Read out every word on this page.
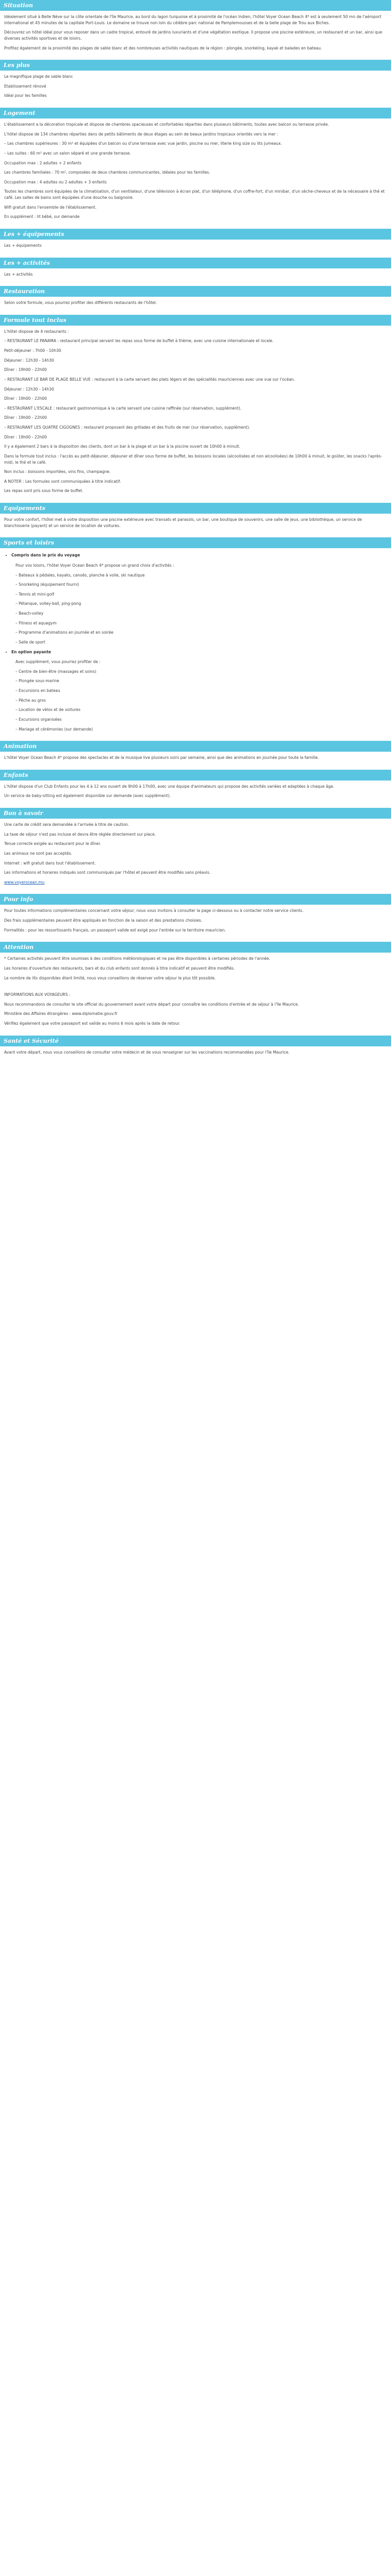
Situation

Idéalement situé à Belle Nève sur la côte orientale de l'île Maurice, au bord du lagon turquoise et à proximité de l'océan Indien, l'hôtel Voyer Ocean Beach 4* est à seulement 50 mn de l'aéroport international et 45 minutes de la capitale Port-Louis. Le domaine se trouve non loin du célèbre parc national de Pamplemousses et de la belle plage de Trou aux Biches.

Découvrez un hôtel idéal pour vous reposer dans un cadre tropical, entouré de jardins luxuriants et d'une végétation exotique. Il propose une piscine extérieure, un restaurant et un bar, ainsi que diverses activités sportives et de loisirs.

Profitez également de la proximité des plages de sable blanc et des nombreuses activités nautiques de la région : plongée, snorkeling, kayak et balades en bateau.

Les plus

Le magnifique plage de sable blanc

Etablissement rénové

Idéal pour les familles

Logement

L'établissement a la décoration tropicale et dispose de chambres spacieuses et confortables réparties dans plusieurs bâtiments, toutes avec balcon ou terrasse privée.

L'hôtel dispose de 134 chambres réparties dans de petits bâtiments de deux étages au sein de beaux jardins tropicaux orientés vers la mer :

– Les chambres supérieures : 30 m² et équipées d'un balcon ou d'une terrasse avec vue jardin, piscine ou mer, literie king size ou lits jumeaux.

– Les suites : 60 m² avec un salon séparé et une grande terrasse.

Occupation max : 2 adultes + 2 enfants

Les chambres familiales : 70 m², composées de deux chambres communicantes, idéales pour les familles.

Occupation max : 4 adultes ou 2 adultes + 3 enfants

Toutes les chambres sont équipées de la climatisation, d'un ventilateur, d'une télévision à écran plat, d'un téléphone, d'un coffre-fort, d'un minibar, d'un sèche-cheveux et de la nécessaire à thé et café. Les salles de bains sont équipées d'une douche ou baignoire.

Wifi gratuit dans l'ensemble de l'établissement.

En supplément : lit bébé, sur demande

Les + équipements

Les + équipements

Les + activités

Les + activités

Restauration

Selon votre formule, vous pourrez profiter des différents restaurants de l'hôtel.

Formule tout inclus

L'hôtel dispose de 4 restaurants :

– RESTAURANT LE PANAMA : restaurant principal servant les repas sous forme de buffet à thème, avec une cuisine internationale et locale.

Petit-déjeuner : 7h00 - 10h30

Déjeuner : 12h30 - 14h30

Dîner : 19h00 - 22h00

– RESTAURANT LE BAR DE PLAGE BELLE VUE : restaurant à la carte servant des plats légers et des spécialités mauriciennes avec une vue sur l'océan.

Déjeuner : 12h30 - 14h30

Dîner : 19h00 - 22h00

– RESTAURANT L'ESCALE : restaurant gastronomique à la carte servant une cuisine raffinée (sur réservation, supplément).

Dîner : 19h00 - 22h00

– RESTAURANT LES QUATRE CIGOGNES : restaurant proposant des grillades et des fruits de mer (sur réservation, supplément).

Dîner : 19h00 - 22h00

Il y a également 2 bars à la disposition des clients, dont un bar à la plage et un bar à la piscine ouvert de 10h00 à minuit.

Dans la formule tout inclus : l'accès au petit-déjeuner, déjeuner et dîner sous forme de buffet, les boissons locales (alcoolisées et non alcoolisées) de 10h00 à minuit, le goûter, les snacks l'après-midi, le thé et le café.

Non inclus : boissons importées, vins fins, champagne.

A NOTER : Les formules sont communiquées à titre indicatif.

Les repas sont pris sous forme de buffet.

Equipements

Pour votre confort, l'hôtel met à votre disposition une piscine extérieure avec transats et parasols, un bar, une boutique de souvenirs, une salle de jeux, une bibliothèque, un service de blanchisserie (payant) et un service de location de voitures.

Sports et loisirs
• Compris dans le prix du voyage

Pour vos loisirs, l'hôtel Voyer Ocean Beach 4* propose un grand choix d'activités :

– Bateaux à pédales, kayaks, canoës, planche à voile, ski nautique

– Snorkeling (équipement fourni)

– Tennis et mini-golf

– Pétanque, volley-ball, ping-pong

– Beach-volley

– Fitness et aquagym

– Programme d'animations en journée et en soirée

– Salle de sport

• En option payante

Avec supplément, vous pourrez profiter de :

– Centre de bien-être (massages et soins)

– Plongée sous-marine

– Excursions en bateau

– Pêche au gros

– Location de vélos et de voitures

– Excursions organisées

– Mariage et cérémonies (sur demande)

Animation

L'hôtel Voyer Ocean Beach 4* propose des spectacles et de la musique live plusieurs soirs par semaine, ainsi que des animations en journée pour toute la famille.

Enfants

L'hôtel dispose d'un Club Enfants pour les 4 à 12 ans ouvert de 9h00 à 17h00, avec une équipe d'animateurs qui propose des activités variées et adaptées à chaque âge.

Un service de baby-sitting est également disponible sur demande (avec supplément).

Bon à savoir

Une carte de crédit sera demandée à l'arrivée à titre de caution.

La taxe de séjour n'est pas incluse et devra être réglée directement sur place.

Tenue correcte exigée au restaurant pour le dîner.

Les animaux ne sont pas acceptés.

Internet : wifi gratuit dans tout l'établissement.

Les informations et horaires indiqués sont communiqués par l'hôtel et peuvent être modifiés sans préavis.

www.voyerocean.mu

Pour info

Pour toutes informations complémentaires concernant votre séjour, nous vous invitons à consulter la page ci-dessous ou à contacter notre service clients.

Des frais supplémentaires peuvent être appliqués en fonction de la saison et des prestations choisies.

Formalités : pour les ressortissants français, un passeport valide est exigé pour l'entrée sur le territoire mauricien.

Attention

* Certaines activités peuvent être soumises à des conditions météorologiques et ne pas être disponibles à certaines périodes de l'année.

Les horaires d'ouverture des restaurants, bars et du club enfants sont donnés à titre indicatif et peuvent être modifiés.

Le nombre de lits disponibles étant limité, nous vous conseillons de réserver votre séjour le plus tôt possible.

INFORMATIONS AUX VOYAGEURS :

Nous recommandons de consulter le site officiel du gouvernement avant votre départ pour connaître les conditions d'entrée et de séjour à l'île Maurice.

Ministère des Affaires étrangères : www.diplomatie.gouv.fr

Vérifiez également que votre passeport est valide au moins 6 mois après la date de retour.

Santé et Sécurité

Avant votre départ, nous vous conseillons de consulter votre médecin et de vous renseigner sur les vaccinations recommandées pour l'île Maurice.
